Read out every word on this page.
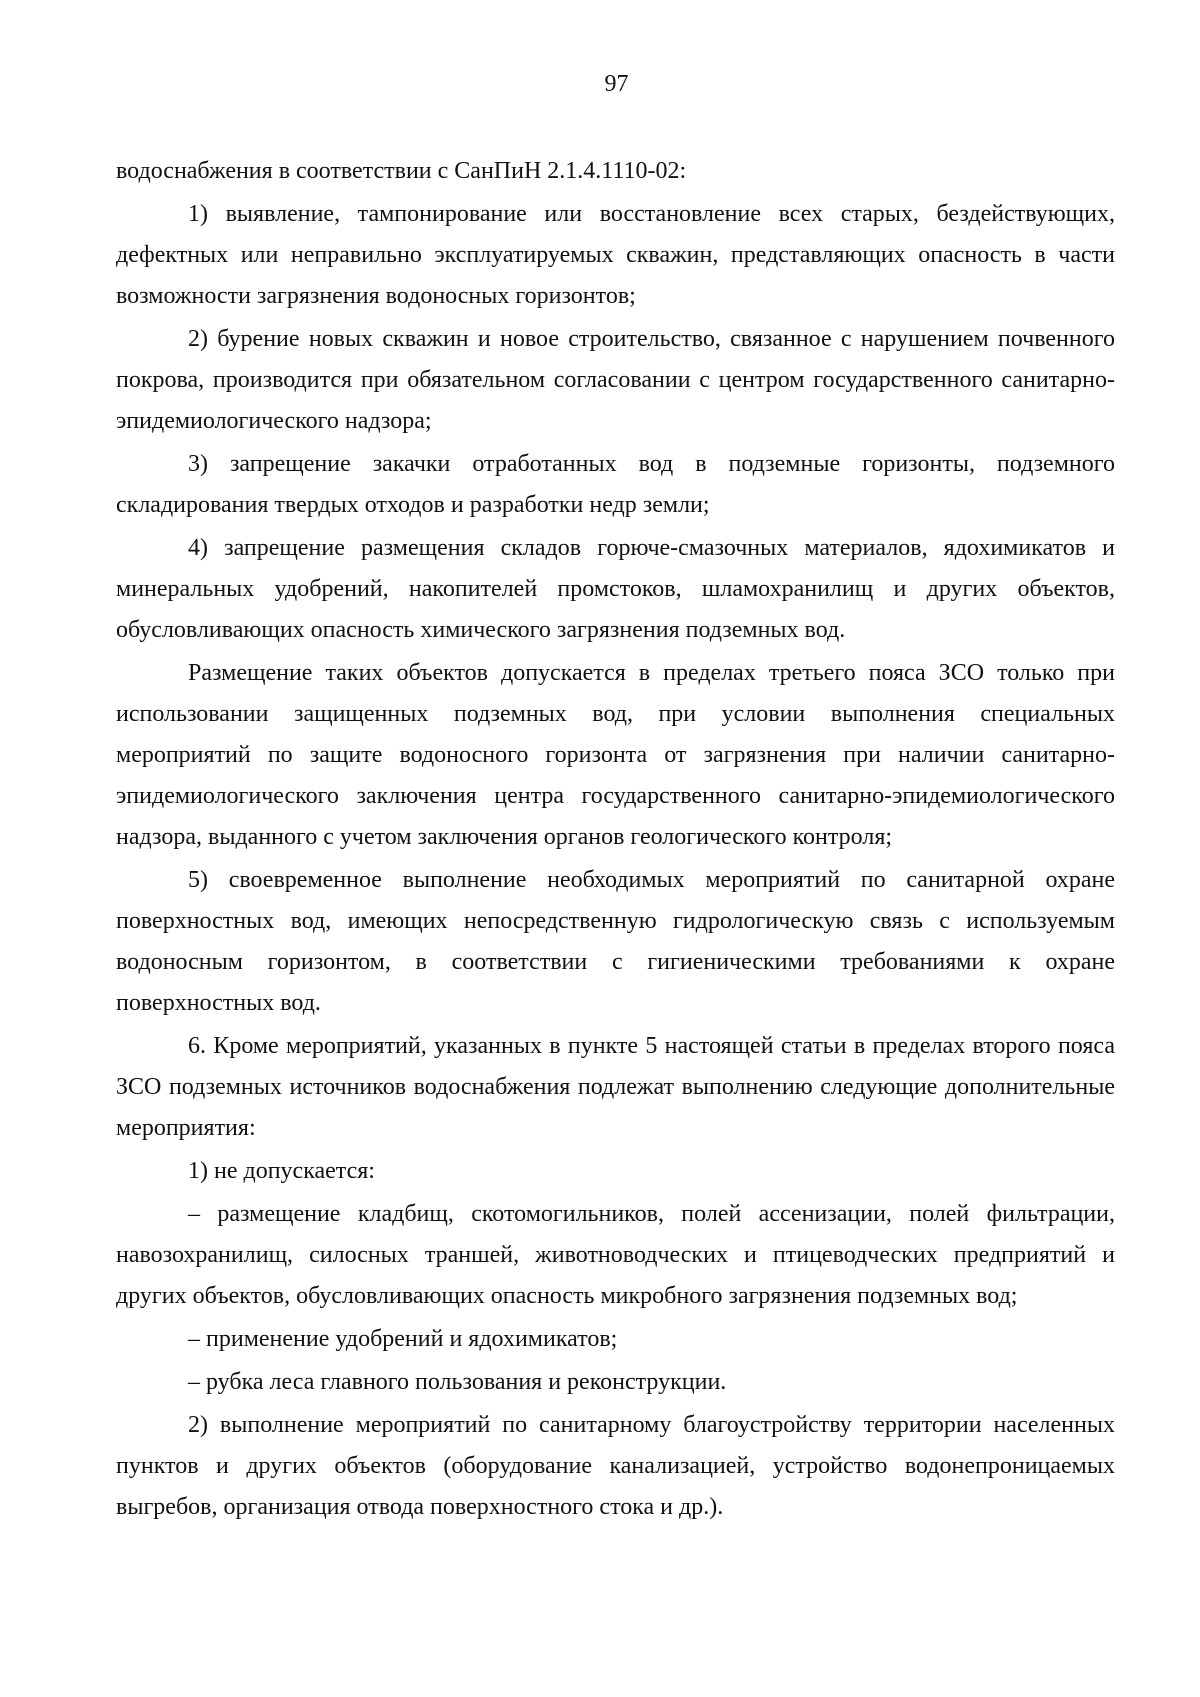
97

водоснабжения в соответствии с СанПиН 2.1.4.1110-02:

1) выявление, тампонирование или восстановление всех старых, бездействующих, дефектных или неправильно эксплуатируемых скважин, представляющих опасность в части возможности загрязнения водоносных горизонтов;

2) бурение новых скважин и новое строительство, связанное с нарушением почвенного покрова, производится при обязательном согласовании с центром государственного санитарно-эпидемиологического надзора;

3) запрещение закачки отработанных вод в подземные горизонты, подземного складирования твердых отходов и разработки недр земли;

4) запрещение размещения складов горюче-смазочных материалов, ядохимикатов и минеральных удобрений, накопителей промстоков, шламохранилищ и других объектов, обусловливающих опасность химического загрязнения подземных вод.

Размещение таких объектов допускается в пределах третьего пояса ЗСО только при использовании защищенных подземных вод, при условии выполнения специальных мероприятий по защите водоносного горизонта от загрязнения при наличии санитарно-эпидемиологического заключения центра государственного санитарно-эпидемиологического надзора, выданного с учетом заключения органов геологического контроля;

5) своевременное выполнение необходимых мероприятий по санитарной охране поверхностных вод, имеющих непосредственную гидрологическую связь с используемым водоносным горизонтом, в соответствии с гигиеническими требованиями к охране поверхностных вод.

6. Кроме мероприятий, указанных в пункте 5 настоящей статьи в пределах второго пояса ЗСО подземных источников водоснабжения подлежат выполнению следующие дополнительные мероприятия:

1) не допускается:

– размещение кладбищ, скотомогильников, полей ассенизации, полей фильтрации, навозохранилищ, силосных траншей, животноводческих и птицеводческих предприятий и других объектов, обусловливающих опасность микробного загрязнения подземных вод;

– применение удобрений и ядохимикатов;

– рубка леса главного пользования и реконструкции.

2) выполнение мероприятий по санитарному благоустройству территории населенных пунктов и других объектов (оборудование канализацией, устройство водонепроницаемых выгребов, организация отвода поверхностного стока и др.).
